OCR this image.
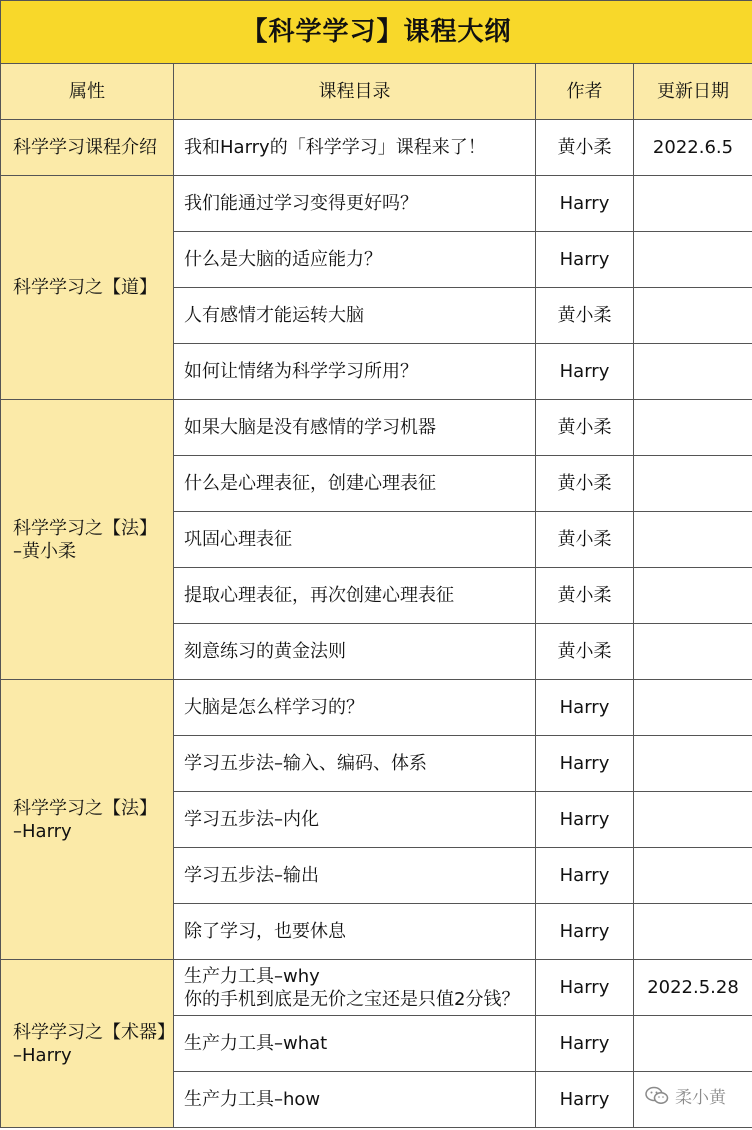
【科学学习】课程大纲			
属性	课程目录	作者	更新日期

科学学习课程介绍	我和Harry的「科学学习」课程来了！	黄小柔	2022.6.5

科学学习之【道】	我们能通过学习变得更好吗？	Harry	

	什么是大脑的适应能力？	Harry	

	人有感情才能运转大脑	黄小柔	

	如何让情绪为科学学习所用？	Harry	

科学学习之【法】
–黄小柔	如果大脑是没有感情的学习机器	黄小柔	

	什么是心理表征，创建心理表征	黄小柔	

	巩固心理表征	黄小柔	

	提取心理表征，再次创建心理表征	黄小柔	

	刻意练习的黄金法则	黄小柔	

科学学习之【法】
–Harry	大脑是怎么样学习的？	Harry	

	学习五步法–输入、编码、体系	Harry	

	学习五步法–内化	Harry	

	学习五步法–输出	Harry	

	除了学习，也要休息	Harry	

科学学习之【术器】
–Harry	生产力工具–why
你的手机到底是无价之宝还是只值2分钱？	Harry	2022.5.28

	生产力工具–what	Harry	

	生产力工具–how	Harry		柔小黄
